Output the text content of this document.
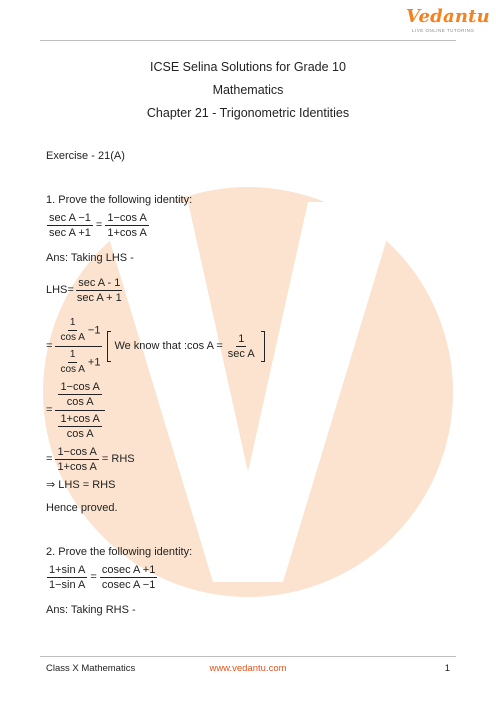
Vedantu
LIVE ONLINE TUTORING
ICSE Selina Solutions for Grade 10
Mathematics
Chapter 21 - Trigonometric Identities
Exercise - 21(A)
1. Prove the following identity:
$\frac{\text{sec A −1}}{\text{sec A +1}} = \frac{\text{1−cos A}}{\text{1+cos A}}$
Ans: Taking LHS -
$LHS= \frac{\text{sec A - 1}}{\text{sec A + 1}}$
= $\frac{\frac{1}{\text{cos A}} -1}{\frac{1}{\text{cos A}} +1}$ We know that :cos $A = \frac{1}{\text{sec A}}$
= $\frac{\frac{\text{1−cos A}}{\text{cos A}}}{\frac{\text{1+cos A}}{\text{cos A}}}$
= $\frac{\text{1−cos A}}{\text{1+cos A}}$ = RHS
⇒ LHS = RHS
Hence proved.
2. Prove the following identity:
$\frac{\text{1+sin A}}{\text{1−sin A}} = \frac{\text{cosec A +1}}{\text{cosec A −1}}$
Ans: Taking RHS -
Class X Mathematics	www.vedantu.com	1
